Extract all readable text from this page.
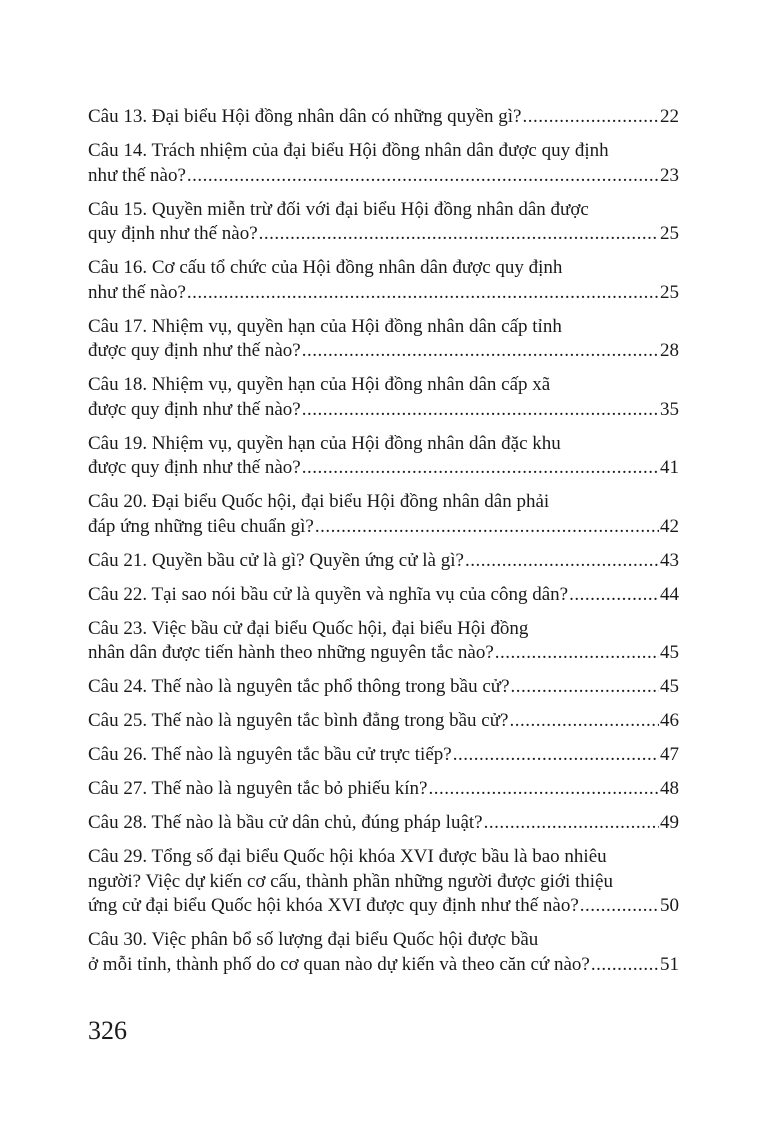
Câu 13. Đại biểu Hội đồng nhân dân có những quyền gì? .....	22
Câu 14. Trách nhiệm của đại biểu Hội đồng nhân dân được quy định
như thế nào? .....	23
Câu 15. Quyền miễn trừ đối với đại biểu Hội đồng nhân dân được
quy định như thế nào? .....	25
Câu 16. Cơ cấu tổ chức của Hội đồng nhân dân được quy định
như thế nào? .....	25
Câu 17. Nhiệm vụ, quyền hạn của Hội đồng nhân dân cấp tỉnh
được quy định như thế nào? .....	28
Câu 18. Nhiệm vụ, quyền hạn của Hội đồng nhân dân cấp xã
được quy định như thế nào? .....	35
Câu 19. Nhiệm vụ, quyền hạn của Hội đồng nhân dân đặc khu
được quy định như thế nào? .....	41
Câu 20. Đại biểu Quốc hội, đại biểu Hội đồng nhân dân phải
đáp ứng những tiêu chuẩn gì? .....	42
Câu 21. Quyền bầu cử là gì? Quyền ứng cử là gì? .....	43
Câu 22. Tại sao nói bầu cử là quyền và nghĩa vụ của công dân? .....	44
Câu 23. Việc bầu cử đại biểu Quốc hội, đại biểu Hội đồng
nhân dân được tiến hành theo những nguyên tắc nào? .....	45
Câu 24. Thế nào là nguyên tắc phổ thông trong bầu cử? .....	45
Câu 25. Thế nào là nguyên tắc bình đẳng trong bầu cử? .....	46
Câu 26. Thế nào là nguyên tắc bầu cử trực tiếp? .....	47
Câu 27. Thế nào là nguyên tắc bỏ phiếu kín? .....	48
Câu 28. Thế nào là bầu cử dân chủ, đúng pháp luật? .....	49
Câu 29. Tổng số đại biểu Quốc hội khóa XVI được bầu là bao nhiêu
người? Việc dự kiến cơ cấu, thành phần những người được giới thiệu
ứng cử đại biểu Quốc hội khóa XVI được quy định như thế nào? .....	50
Câu 30. Việc phân bổ số lượng đại biểu Quốc hội được bầu
ở mỗi tỉnh, thành phố do cơ quan nào dự kiến và theo căn cứ nào? .....	51
326
